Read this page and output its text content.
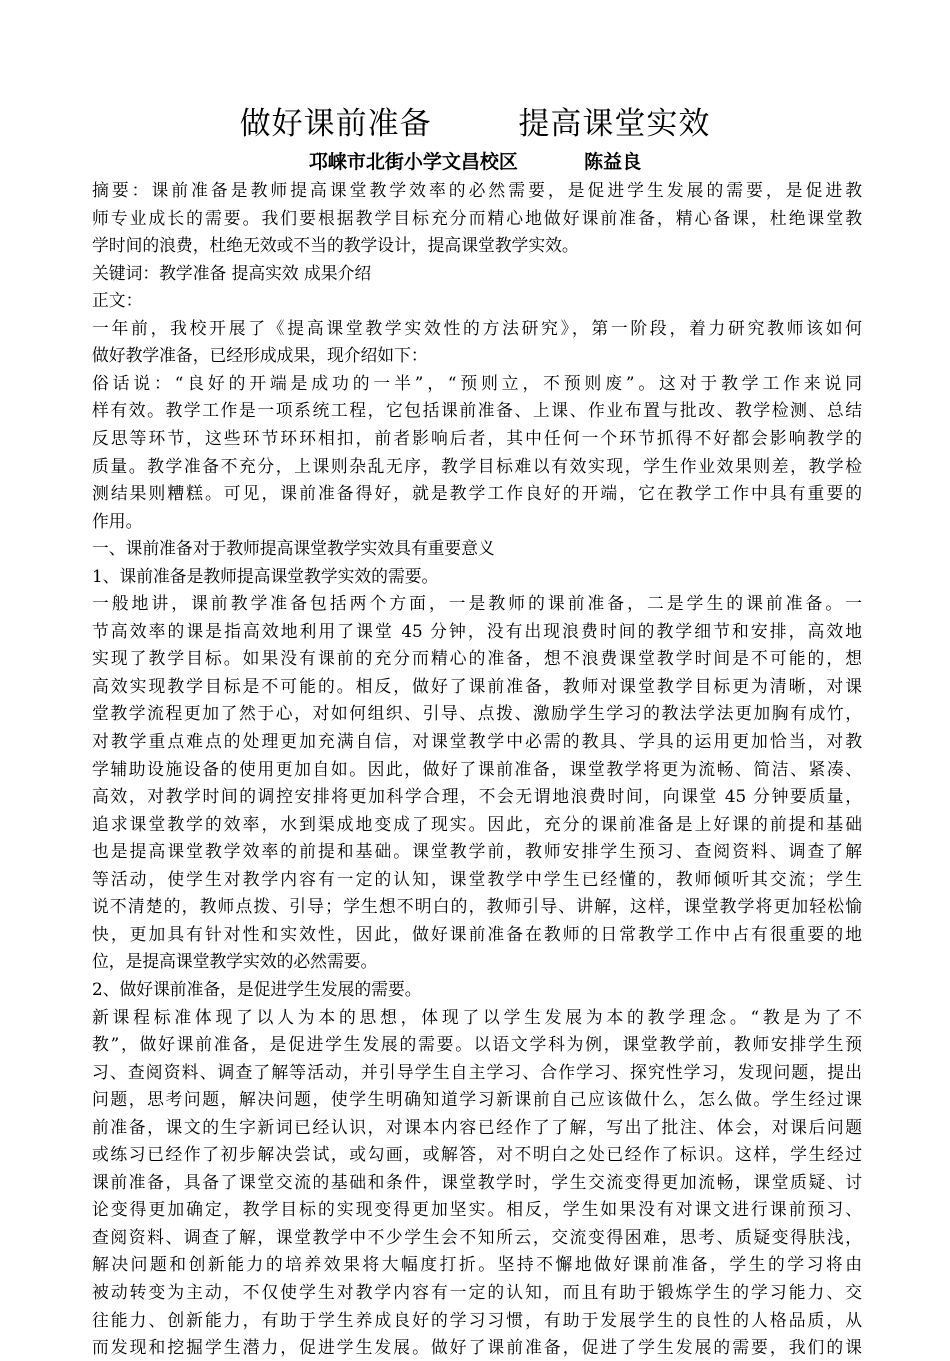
做好课前准备        提高课堂实效
邛崃市北街小学文昌校区          陈益良
摘要：课前准备是教师提高课堂教学效率的必然需要，是促进学生发展的需要，是促进教
师专业成长的需要。我们要根据教学目标充分而精心地做好课前准备，精心备课，杜绝课堂教
学时间的浪费，杜绝无效或不当的教学设计，提高课堂教学实效。
关键词：教学准备 提高实效 成果介绍
正文：
一年前，我校开展了《提高课堂教学实效性的方法研究》，第一阶段，着力研究教师该如何
做好教学准备，已经形成成果，现介绍如下：
俗话说：“良好的开端是成功的一半”，“预则立，不预则废”。这对于教学工作来说同
样有效。教学工作是一项系统工程，它包括课前准备、上课、作业布置与批改、教学检测、总结
反思等环节，这些环节环环相扣，前者影响后者，其中任何一个环节抓得不好都会影响教学的
质量。教学准备不充分，上课则杂乱无序，教学目标难以有效实现，学生作业效果则差，教学检
测结果则糟糕。可见，课前准备得好，就是教学工作良好的开端，它在教学工作中具有重要的
作用。
一、课前准备对于教师提高课堂教学实效具有重要意义
1、课前准备是教师提高课堂教学实效的需要。
一般地讲，课前教学准备包括两个方面，一是教师的课前准备，二是学生的课前准备。一
节高效率的课是指高效地利用了课堂 45 分钟，没有出现浪费时间的教学细节和安排，高效地
实现了教学目标。如果没有课前的充分而精心的准备，想不浪费课堂教学时间是不可能的，想
高效实现教学目标是不可能的。相反，做好了课前准备，教师对课堂教学目标更为清晰，对课
堂教学流程更加了然于心，对如何组织、引导、点拨、激励学生学习的教法学法更加胸有成竹，
对教学重点难点的处理更加充满自信，对课堂教学中必需的教具、学具的运用更加恰当，对教
学辅助设施设备的使用更加自如。因此，做好了课前准备，课堂教学将更为流畅、简洁、紧凑、
高效，对教学时间的调控安排将更加科学合理，不会无谓地浪费时间，向课堂 45 分钟要质量，
追求课堂教学的效率，水到渠成地变成了现实。因此，充分的课前准备是上好课的前提和基础
也是提高课堂教学效率的前提和基础。课堂教学前，教师安排学生预习、查阅资料、调查了解
等活动，使学生对教学内容有一定的认知，课堂教学中学生已经懂的，教师倾听其交流；学生
说不清楚的，教师点拨、引导；学生想不明白的，教师引导、讲解，这样，课堂教学将更加轻松愉
快，更加具有针对性和实效性，因此，做好课前准备在教师的日常教学工作中占有很重要的地
位，是提高课堂教学实效的必然需要。
2、做好课前准备，是促进学生发展的需要。
新课程标准体现了以人为本的思想，体现了以学生发展为本的教学理念。“教是为了不
教”，做好课前准备，是促进学生发展的需要。以语文学科为例，课堂教学前，教师安排学生预
习、查阅资料、调查了解等活动，并引导学生自主学习、合作学习、探究性学习，发现问题，提出
问题，思考问题，解决问题，使学生明确知道学习新课前自己应该做什么，怎么做。学生经过课
前准备，课文的生字新词已经认识，对课本内容已经作了了解，写出了批注、体会，对课后问题
或练习已经作了初步解决尝试，或勾画，或解答，对不明白之处已经作了标识。这样，学生经过
课前准备，具备了课堂交流的基础和条件，课堂教学时，学生交流变得更加流畅，课堂质疑、讨
论变得更加确定，教学目标的实现变得更加坚实。相反，学生如果没有对课文进行课前预习、
查阅资料、调查了解，课堂教学中不少学生会不知所云，交流变得困难，思考、质疑变得肤浅，
解决问题和创新能力的培养效果将大幅度打折。坚持不懈地做好课前准备，学生的学习将由
被动转变为主动，不仅使学生对教学内容有一定的认知，而且有助于锻炼学生的学习能力、交
往能力、创新能力，有助于学生养成良好的学习习惯，有助于发展学生的良性的人格品质，从
而发现和挖掘学生潜力，促进学生发展。做好了课前准备，促进了学生发展的需要，我们的课
